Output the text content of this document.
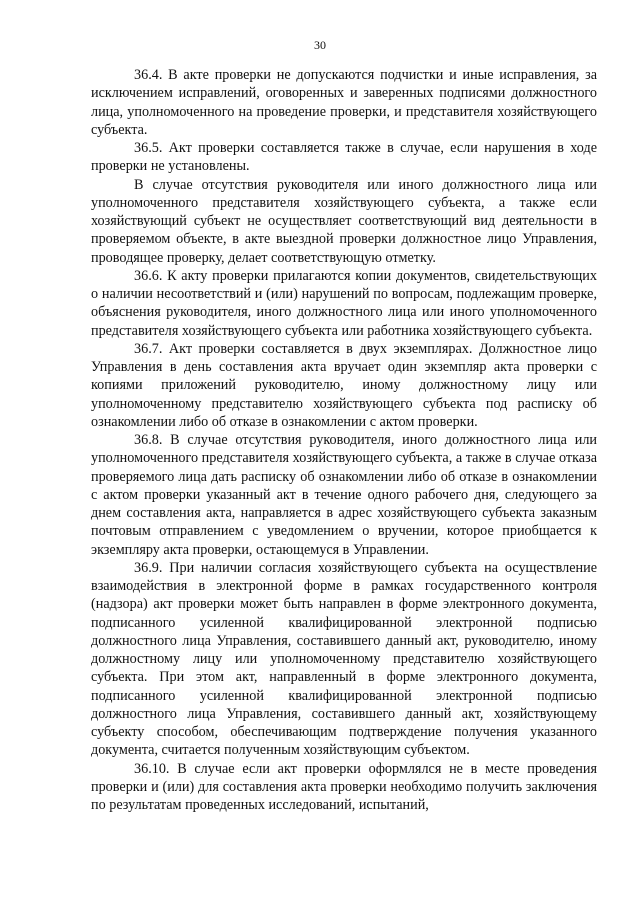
30

36.4. В акте проверки не допускаются подчистки и иные исправления, за исключением исправлений, оговоренных и заверенных подписями должностного лица, уполномоченного на проведение проверки, и представителя хозяйствующего субъекта.

36.5. Акт проверки составляется также в случае, если нарушения в ходе проверки не установлены.

В случае отсутствия руководителя или иного должностного лица или уполномоченного представителя хозяйствующего субъекта, а также если хозяйствующий субъект не осуществляет соответствующий вид деятельности в проверяемом объекте, в акте выездной проверки должностное лицо Управления, проводящее проверку, делает соответствующую отметку.

36.6. К акту проверки прилагаются копии документов, свидетельствующих о наличии несоответствий и (или) нарушений по вопросам, подлежащим проверке, объяснения руководителя, иного должностного лица или иного уполномоченного представителя хозяйствующего субъекта или работника хозяйствующего субъекта.

36.7. Акт проверки составляется в двух экземплярах. Должностное лицо Управления в день составления акта вручает один экземпляр акта проверки с копиями приложений руководителю, иному должностному лицу или уполномоченному представителю хозяйствующего субъекта под расписку об ознакомлении либо об отказе в ознакомлении с актом проверки.

36.8. В случае отсутствия руководителя, иного должностного лица или уполномоченного представителя хозяйствующего субъекта, а также в случае отказа проверяемого лица дать расписку об ознакомлении либо об отказе в ознакомлении с актом проверки указанный акт в течение одного рабочего дня, следующего за днем составления акта, направляется в адрес хозяйствующего субъекта заказным почтовым отправлением с уведомлением о вручении, которое приобщается к экземпляру акта проверки, остающемуся в Управлении.

36.9. При наличии согласия хозяйствующего субъекта на осуществление взаимодействия в электронной форме в рамках государственного контроля (надзора) акт проверки может быть направлен в форме электронного документа, подписанного усиленной квалифицированной электронной подписью должностного лица Управления, составившего данный акт, руководителю, иному должностному лицу или уполномоченному представителю хозяйствующего субъекта. При этом акт, направленный в форме электронного документа, подписанного усиленной квалифицированной электронной подписью должностного лица Управления, составившего данный акт, хозяйствующему субъекту способом, обеспечивающим подтверждение получения указанного документа, считается полученным хозяйствующим субъектом.

36.10. В случае если акт проверки оформлялся не в месте проведения проверки и (или) для составления акта проверки необходимо получить заключения по результатам проведенных исследований, испытаний,
